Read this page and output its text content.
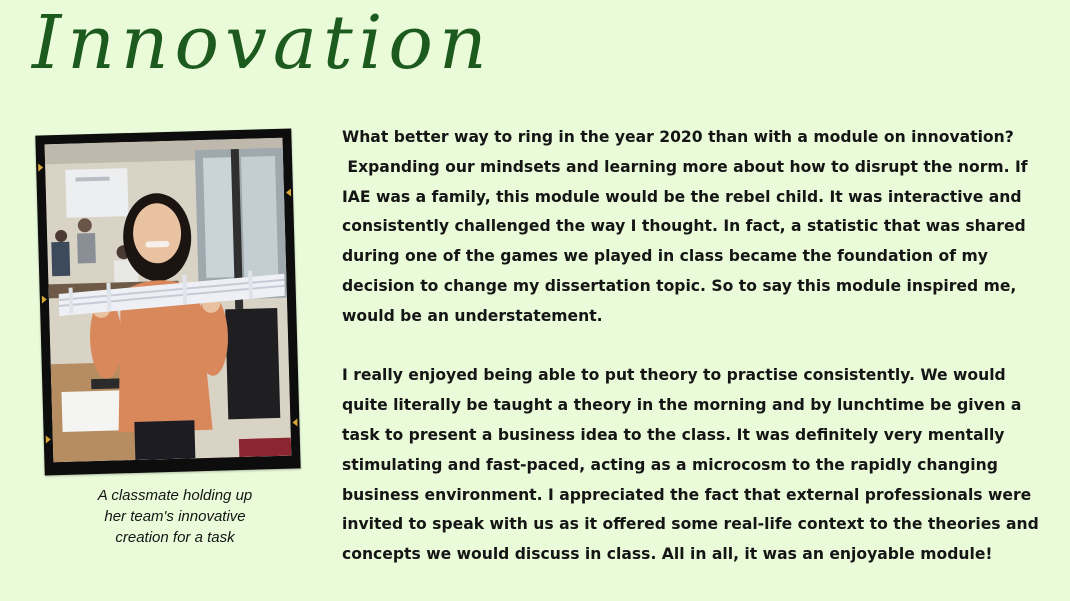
Innovation
A classmate holding up
her team's innovative
creation for a task
What better way to ring in the year 2020 than with a module on innovation?
Expanding our mindsets and learning more about how to disrupt the norm. If
IAE was a family, this module would be the rebel child. It was interactive and
consistently challenged the way I thought. In fact, a statistic that was shared
during one of the games we played in class became the foundation of my
decision to change my dissertation topic. So to say this module inspired me,
would be an understatement.
I really enjoyed being able to put theory to practise consistently. We would
quite literally be taught a theory in the morning and by lunchtime be given a
task to present a business idea to the class. It was definitely very mentally
stimulating and fast-paced, acting as a microcosm to the rapidly changing
business environment. I appreciated the fact that external professionals were
invited to speak with us as it offered some real-life context to the theories and
concepts we would discuss in class. All in all, it was an enjoyable module!
